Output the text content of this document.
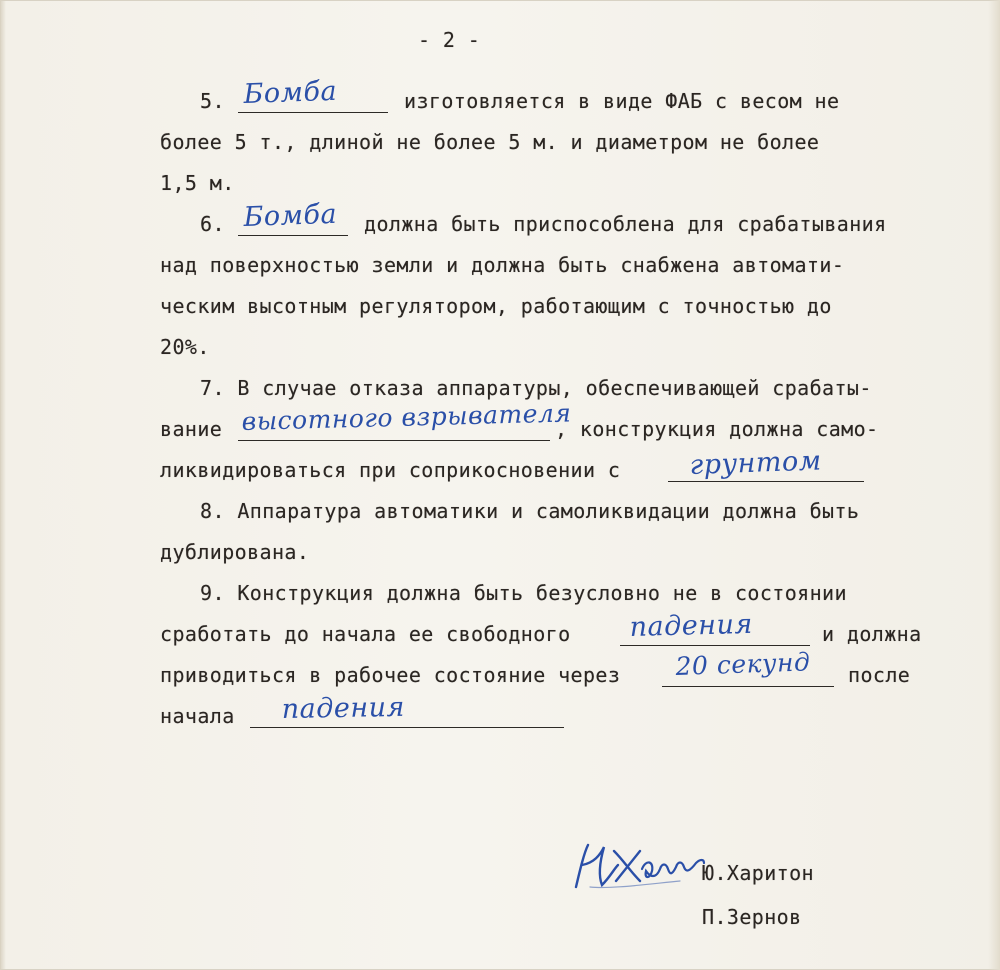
- 2 -
5. Бомба	изготовляется в виде ФАБ с весом не
более 5 т., длиной не более 5 м. и диаметром не более
1,5 м.
6. Бомба должна быть приспособлена для срабатывания
над поверхностью земли и должна быть снабжена автомати-
ческим высотным регулятором, работающим с точностью до
20%.
7. В случае отказа аппаратуры, обеспечивающей срабаты-
вание высотного взрывателя
, конструкция должна само-
ликвидироваться при соприкосновении с	грунтом
8. Аппаратура автоматики и самоликвидации должна быть
дублирована.
9. Конструкция должна быть безусловно не в состоянии
сработать до начала ее свободного падения	и должна
приводиться в рабочее состояние через 20 секунд после
начала падения
Ю.Харитон
П.Зернов
